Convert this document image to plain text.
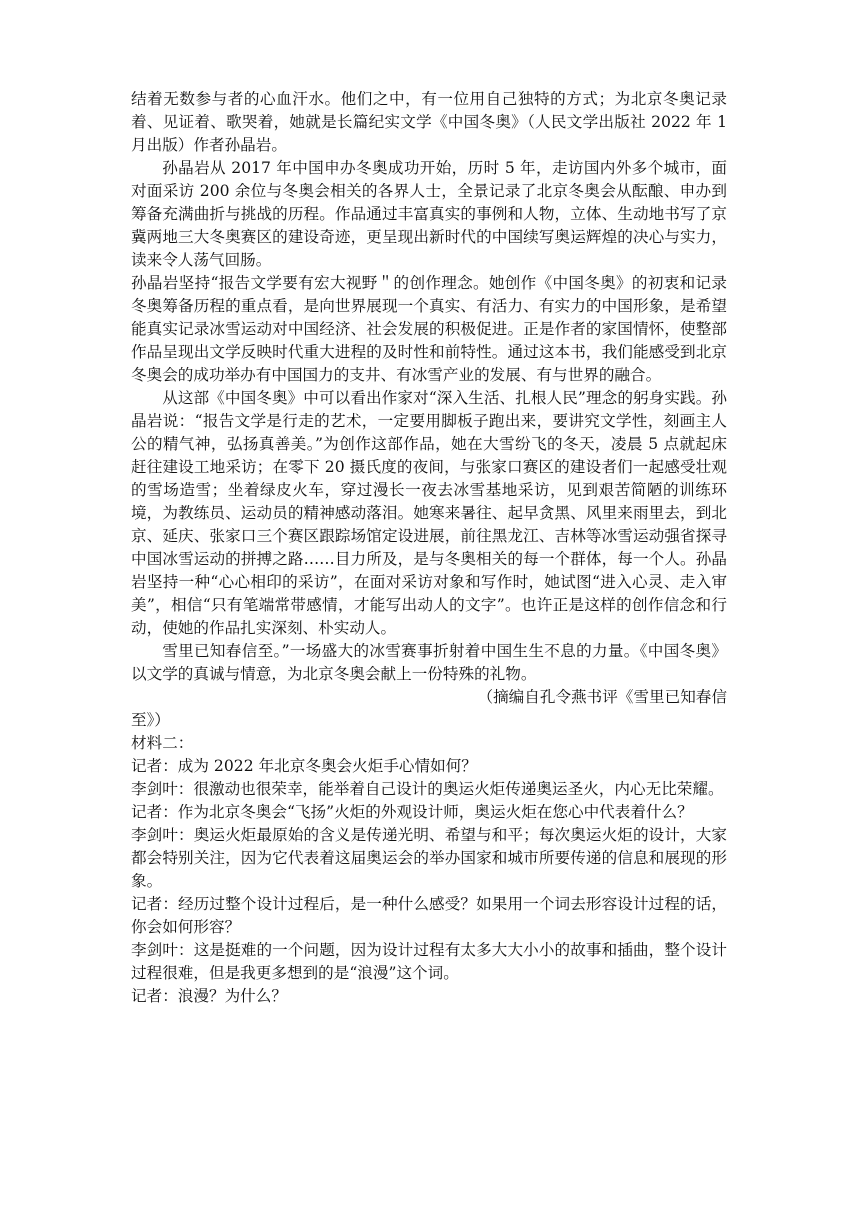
结着无数参与者的心血汗水。他们之中，有一位用自己独特的方式；为北京冬奥记录着、见证着、歌哭着，她就是长篇纪实文学《中国冬奥》（人民文学出版社 2022 年 1 月出版）作者孙晶岩。

孙晶岩从 2017 年中国申办冬奥成功开始，历时 5 年，走访国内外多个城市，面对面采访 200 余位与冬奥会相关的各界人士，全景记录了北京冬奥会从酝酿、申办到筹备充满曲折与挑战的历程。作品通过丰富真实的事例和人物，立体、生动地书写了京冀两地三大冬奥赛区的建设奇迹，更呈现出新时代的中国续写奥运辉煌的决心与实力，读来令人荡气回肠。

孙晶岩坚持“报告文学要有宏大视野＂的创作理念。她创作《中国冬奥》的初衷和记录冬奥筹备历程的重点看，是向世界展现一个真实、有活力、有实力的中国形象，是希望能真实记录冰雪运动对中国经济、社会发展的积极促进。正是作者的家国情怀，使整部作品呈现出文学反映时代重大进程的及时性和前特性。通过这本书，我们能感受到北京冬奥会的成功举办有中国国力的支井、有冰雪产业的发展、有与世界的融合。

从这部《中国冬奥》中可以看出作家对“深入生活、扎根人民”理念的躬身实践。孙晶岩说：“报告文学是行走的艺术，一定要用脚板子跑出来，要讲究文学性，刻画主人公的精气神，弘扬真善美。”为创作这部作品，她在大雪纷飞的冬天，凌晨 5 点就起床赶往建设工地采访；在零下 20 摄氏度的夜间，与张家口赛区的建设者们一起感受壮观的雪场造雪；坐着绿皮火车，穿过漫长一夜去冰雪基地采访，见到艰苦简陋的训练环境，为教练员、运动员的精神感动落泪。她寒来暑往、起早贪黑、风里来雨里去，到北京、延庆、张家口三个赛区跟踪场馆定设进展，前往黑龙江、吉林等冰雪运动强省探寻中国冰雪运动的拼搏之路……目力所及，是与冬奥相关的每一个群体，每一个人。孙晶岩坚持一种“心心相印的采访”，在面对采访对象和写作时，她试图“进入心灵、走入审美”，相信“只有笔端常带感情，才能写出动人的文字”。也许正是这样的创作信念和行动，使她的作品扎实深刻、朴实动人。

雪里已知春信至。”一场盛大的冰雪赛事折射着中国生生不息的力量。《中国冬奥》以文学的真诚与情意，为北京冬奥会献上一份特殊的礼物。

（摘编自孔令燕书评《雪里已知春信

至》）

材料二：

记者：成为 2022 年北京冬奥会火炬手心情如何？

李剑叶：很激动也很荣幸，能举着自己设计的奥运火炬传递奥运圣火，内心无比荣耀。

记者：作为北京冬奥会“飞扬”火炬的外观设计师，奥运火炬在您心中代表着什么？

李剑叶：奥运火炬最原始的含义是传递光明、希望与和平；每次奥运火炬的设计，大家都会特别关注，因为它代表着这届奥运会的举办国家和城市所要传递的信息和展现的形象。

记者：经历过整个设计过程后，是一种什么感受？如果用一个词去形容设计过程的话，你会如何形容？

李剑叶：这是挺难的一个问题，因为设计过程有太多大大小小的故事和插曲，整个设计过程很难，但是我更多想到的是“浪漫”这个词。

记者：浪漫？为什么？
